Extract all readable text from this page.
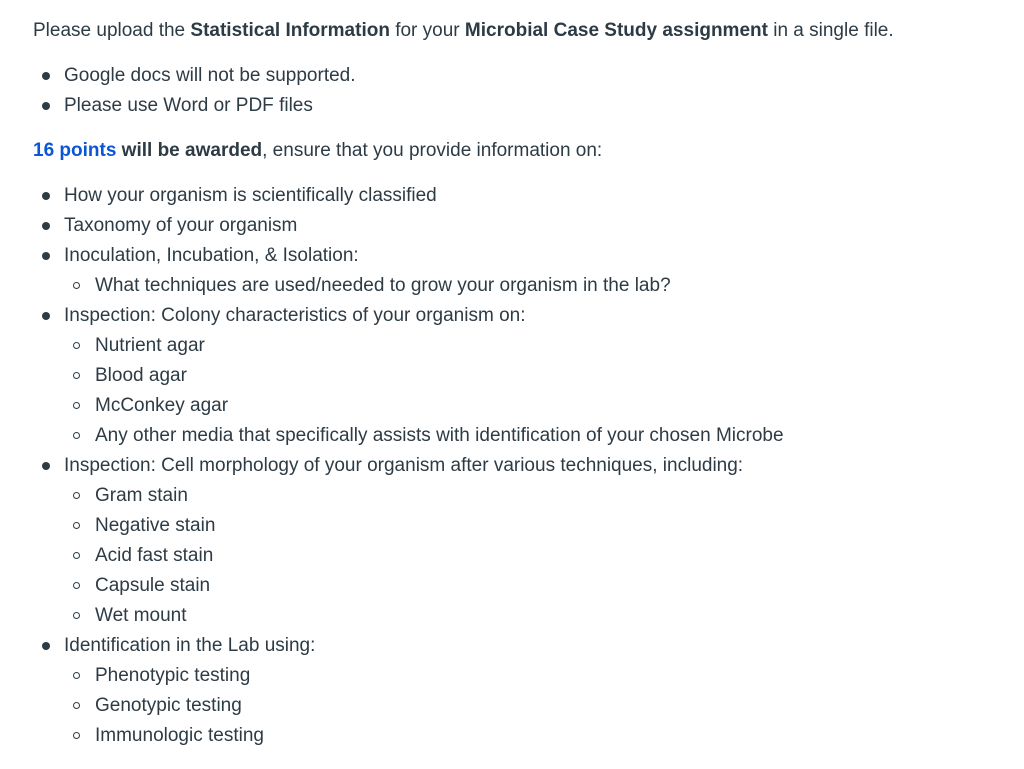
Please upload the Statistical Information for your Microbial Case Study assignment in a single file.

Google docs will not be supported.
Please use Word or PDF files

16 points will be awarded, ensure that you provide information on:

How your organism is scientifically classified
Taxonomy of your organism
Inoculation, Incubation, & Isolation:
What techniques are used/needed to grow your organism in the lab?
Inspection: Colony characteristics of your organism on:
Nutrient agar
Blood agar
McConkey agar
Any other media that specifically assists with identification of your chosen Microbe
Inspection: Cell morphology of your organism after various techniques, including:
Gram stain
Negative stain
Acid fast stain
Capsule stain
Wet mount
Identification in the Lab using:
Phenotypic testing
Genotypic testing
Immunologic testing
